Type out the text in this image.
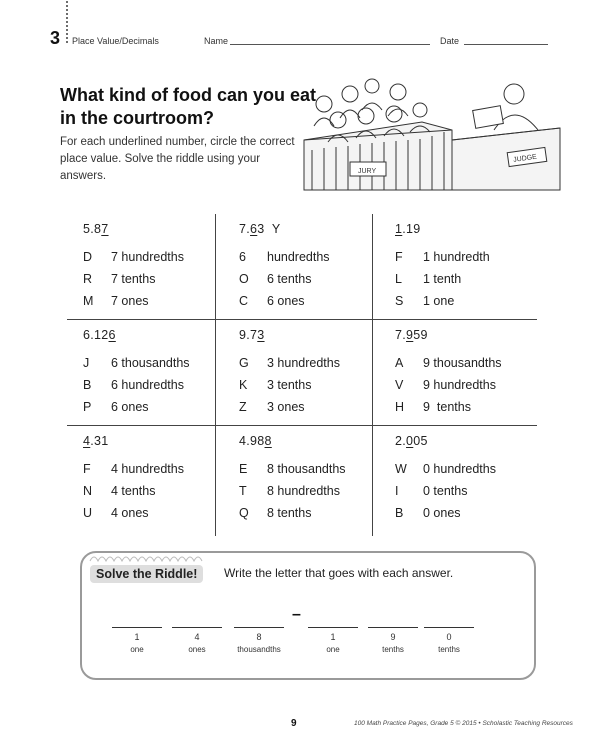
3 Place Value/Decimals	Name	Date
What kind of food can you eat in the courtroom?
For each underlined number, circle the correct place value. Solve the riddle using your answers.	JURY
JUDGE
5.87
D 7 hundredths
R 7 tenths
M 7 ones
7.63  Y
6 hundredths
O 6 tenths
C 6 ones
1.19
F 1 hundredth
L 1 tenth
S 1 one
6.126
J 6 thousandths
B 6 hundredths
P 6 ones
9.73
G 3 hundredths
K 3 tenths
Z 3 ones
7.959
A 9 thousandths
V 9 hundredths
H 9  tenths
4.31
F 4 hundredths
N 4 tenths
U 4 ones
4.988
E 8 thousandths
T 8 hundredths
Q 8 tenths
2.005
W 0 hundredths
I 0 tenths
B 0 ones
Solve the Riddle!	Write the letter that goes with each answer.
–
1
one
4
ones
8
thousandths
1
one
9
tenths
0
tenths
9	100 Math Practice Pages, Grade 5 © 2015 • Scholastic Teaching Resources
